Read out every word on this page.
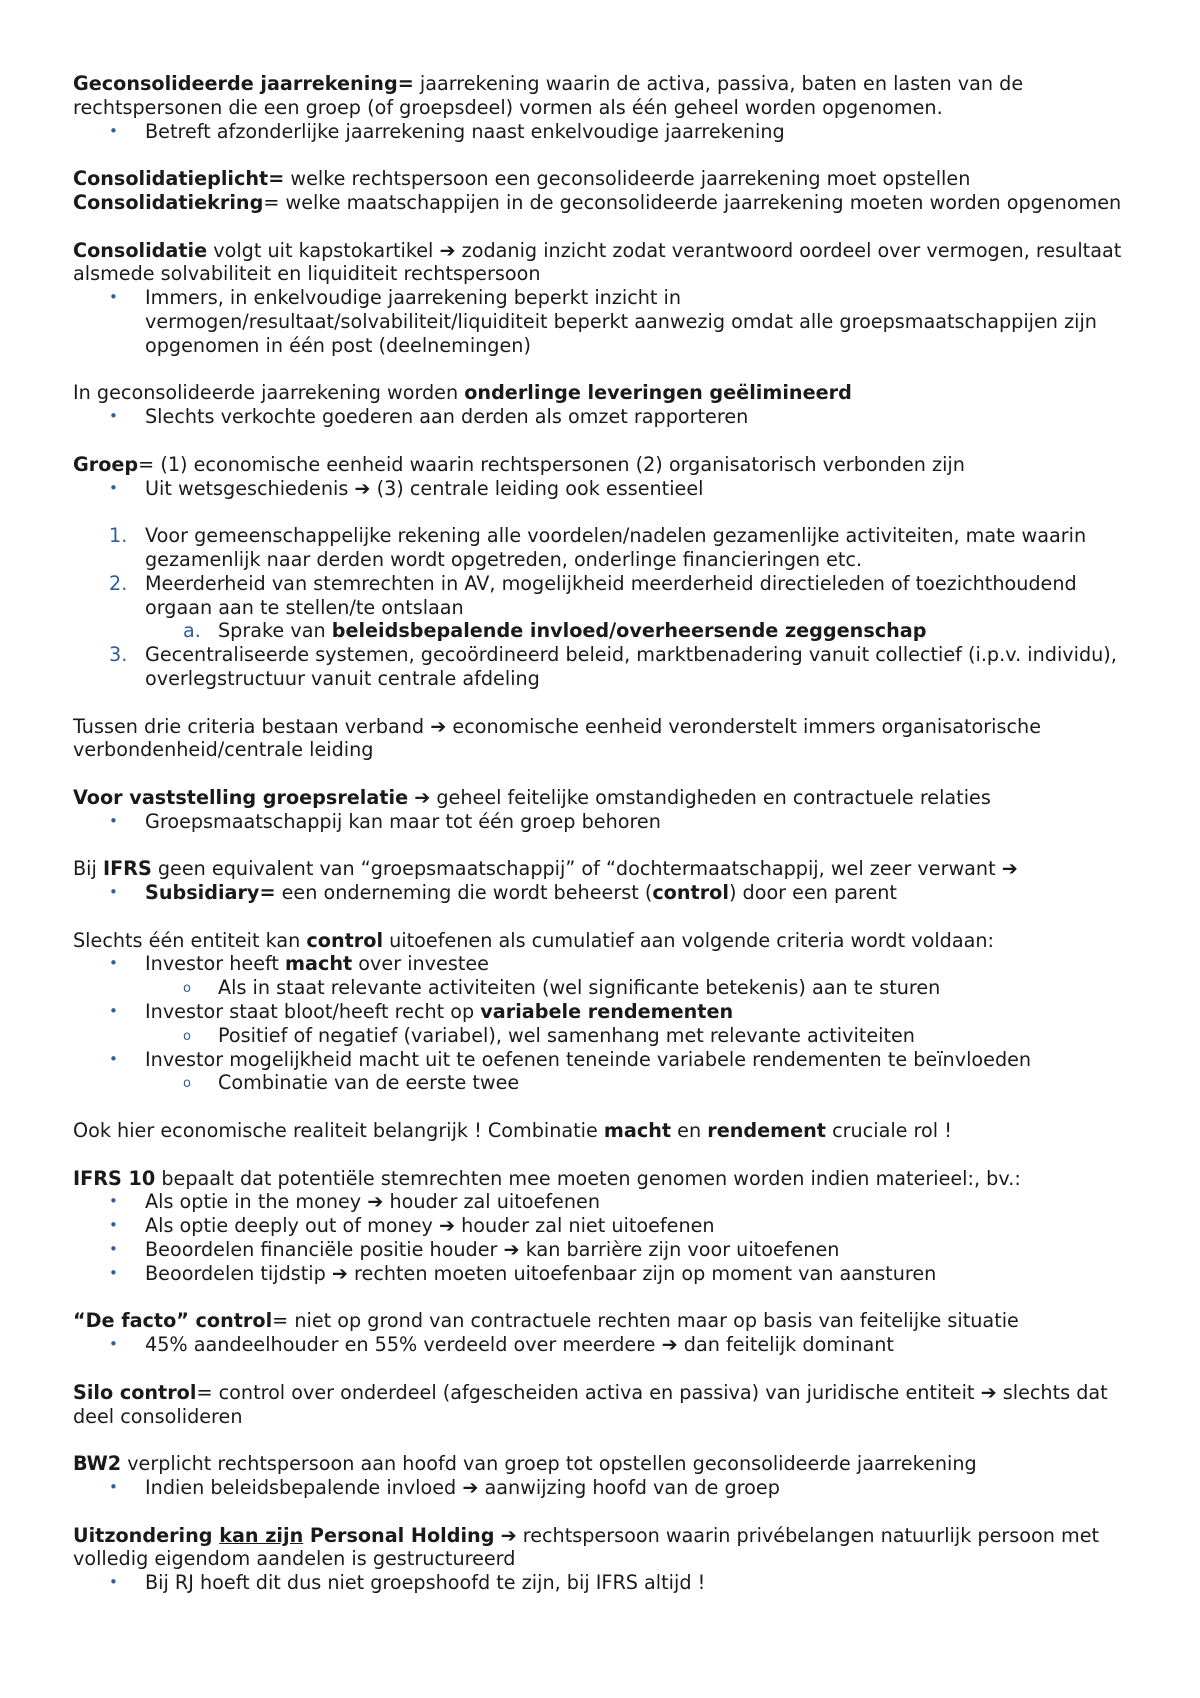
Geconsolideerde jaarrekening= jaarrekening waarin de activa, passiva, baten en lasten van de rechtspersonen die een groep (of groepsdeel) vormen als één geheel worden opgenomen.

• Betreft afzonderlijke jaarrekening naast enkelvoudige jaarrekening

Consolidatieplicht= welke rechtspersoon een geconsolideerde jaarrekening moet opstellen

Consolidatiekring= welke maatschappijen in de geconsolideerde jaarrekening moeten worden opgenomen

Consolidatie volgt uit kapstokartikel ➔ zodanig inzicht zodat verantwoord oordeel over vermogen, resultaat alsmede solvabiliteit en liquiditeit rechtspersoon

• Immers, in enkelvoudige jaarrekening beperkt inzicht in
vermogen/resultaat/solvabiliteit/liquiditeit beperkt aanwezig omdat alle groepsmaatschappijen zijn opgenomen in één post (deelnemingen)

In geconsolideerde jaarrekening worden onderlinge leveringen geëlimineerd

• Slechts verkochte goederen aan derden als omzet rapporteren

Groep= (1) economische eenheid waarin rechtspersonen (2) organisatorisch verbonden zijn

• Uit wetsgeschiedenis ➔ (3) centrale leiding ook essentieel
1. Voor gemeenschappelijke rekening alle voordelen/nadelen gezamenlijke activiteiten, mate waarin gezamenlijk naar derden wordt opgetreden, onderlinge financieringen etc.
2. Meerderheid van stemrechten in AV, mogelijkheid meerderheid directieleden of toezichthoudend orgaan aan te stellen/te ontslaan
a. Sprake van beleidsbepalende invloed/overheersende zeggenschap
3. Gecentraliseerde systemen, gecoördineerd beleid, marktbenadering vanuit collectief (i.p.v. individu), overlegstructuur vanuit centrale afdeling

Tussen drie criteria bestaan verband ➔ economische eenheid veronderstelt immers organisatorische verbondenheid/centrale leiding

Voor vaststelling groepsrelatie ➔ geheel feitelijke omstandigheden en contractuele relaties

• Groepsmaatschappij kan maar tot één groep behoren

Bij IFRS geen equivalent van “groepsmaatschappij” of “dochtermaatschappij, wel zeer verwant ➔

• Subsidiary= een onderneming die wordt beheerst (control) door een parent

Slechts één entiteit kan control uitoefenen als cumulatief aan volgende criteria wordt voldaan:

• Investor heeft macht over investee
o Als in staat relevante activiteiten (wel significante betekenis) aan te sturen
• Investor staat bloot/heeft recht op variabele rendementen
o Positief of negatief (variabel), wel samenhang met relevante activiteiten
• Investor mogelijkheid macht uit te oefenen teneinde variabele rendementen te beïnvloeden
o Combinatie van de eerste twee

Ook hier economische realiteit belangrijk ! Combinatie macht en rendement cruciale rol !

IFRS 10 bepaalt dat potentiële stemrechten mee moeten genomen worden indien materieel:, bv.:

• Als optie in the money ➔ houder zal uitoefenen
• Als optie deeply out of money ➔ houder zal niet uitoefenen
• Beoordelen financiële positie houder ➔ kan barrière zijn voor uitoefenen
• Beoordelen tijdstip ➔ rechten moeten uitoefenbaar zijn op moment van aansturen

“De facto” control= niet op grond van contractuele rechten maar op basis van feitelijke situatie

• 45% aandeelhouder en 55% verdeeld over meerdere ➔ dan feitelijk dominant

Silo control= control over onderdeel (afgescheiden activa en passiva) van juridische entiteit ➔ slechts dat deel consolideren

BW2 verplicht rechtspersoon aan hoofd van groep tot opstellen geconsolideerde jaarrekening

• Indien beleidsbepalende invloed ➔ aanwijzing hoofd van de groep

Uitzondering kan zijn Personal Holding ➔ rechtspersoon waarin privébelangen natuurlijk persoon met volledig eigendom aandelen is gestructureerd

• Bij RJ hoeft dit dus niet groepshoofd te zijn, bij IFRS altijd !
